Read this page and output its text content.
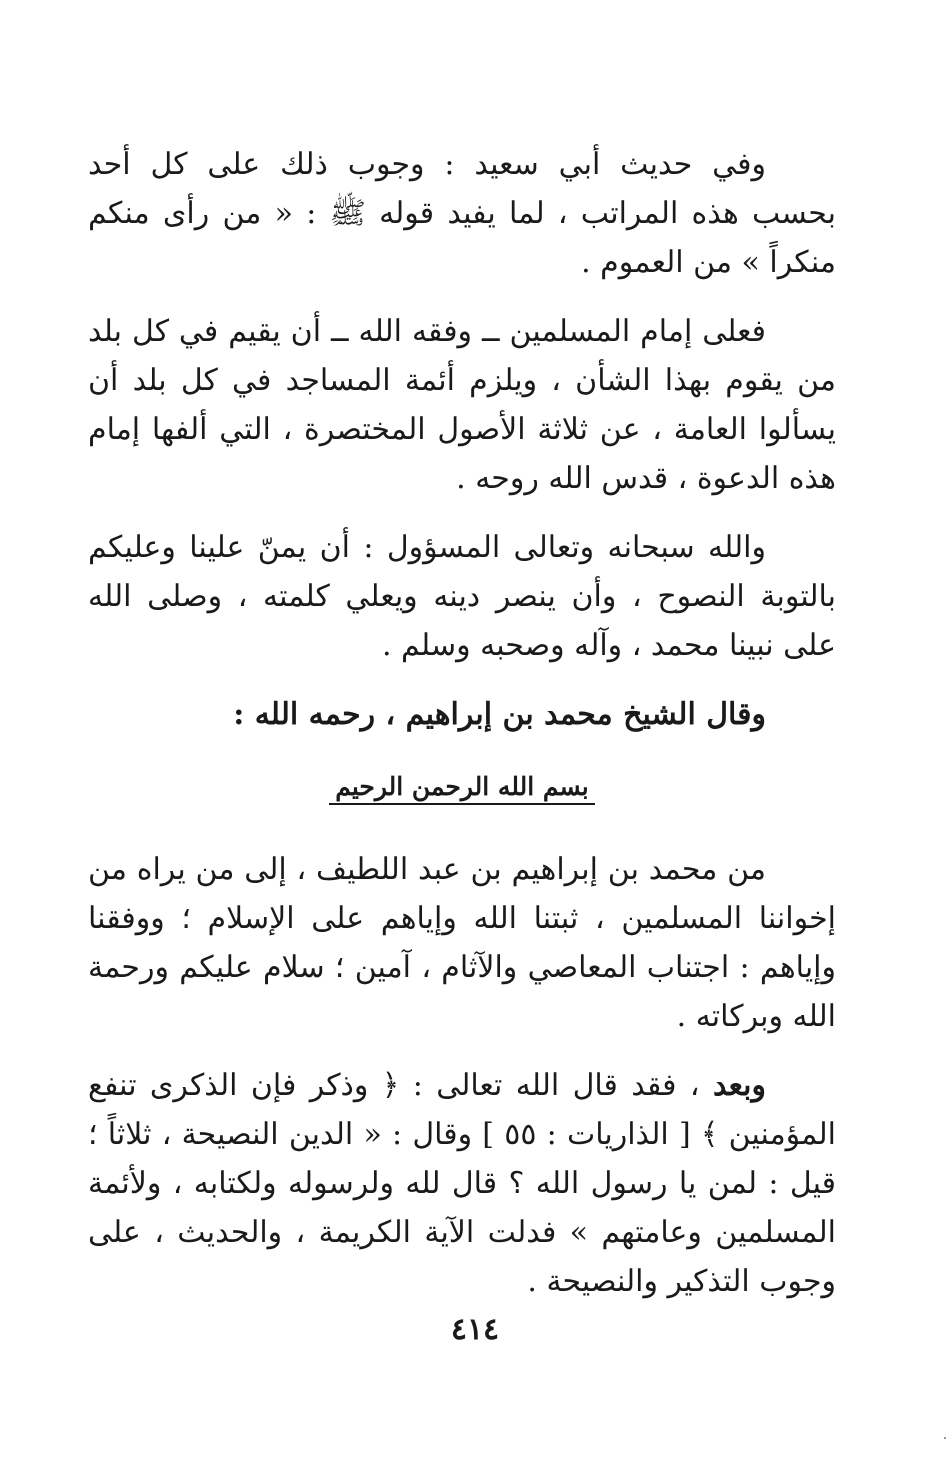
وفي حديث أبي سعيد : وجوب ذلك على كل أحد بحسب هذه المراتب ، لما يفيد قوله ﷺ : « من رأى منكم منكراً » من العموم .

فعلى إمام المسلمين ــ وفقه الله ــ أن يقيم في كل بلد من يقوم بهذا الشأن ، ويلزم أئمة المساجد في كل بلد أن يسألوا العامة ، عن ثلاثة الأصول المختصرة ، التي ألفها إمام هذه الدعوة ، قدس الله روحه .

والله سبحانه وتعالى المسؤول : أن يمنّ علينا وعليكم بالتوبة النصوح ، وأن ينصر دينه ويعلي كلمته ، وصلى الله على نبينا محمد ، وآله وصحبه وسلم .

وقال الشيخ محمد بن إبراهيم ، رحمه الله :
بسم الله الرحمن الرحيم

من محمد بن إبراهيم بن عبد اللطيف ، إلى من يراه من إخواننا المسلمين ، ثبتنا الله وإياهم على الإسلام ؛ ووفقنا وإياهم : اجتناب المعاصي والآثام ، آمين ؛ سلام عليكم ورحمة الله وبركاته .

وبعد ، فقد قال الله تعالى : ﴿ وذكر فإن الذكرى تنفع المؤمنين ﴾ [ الذاريات : ٥٥ ] وقال : « الدين النصيحة ، ثلاثاً ؛ قيل : لمن يا رسول الله ؟ قال لله ولرسوله ولكتابه ، ولأئمة المسلمين وعامتهم » فدلت الآية الكريمة ، والحديث ، على وجوب التذكير والنصيحة .

٤١٤
